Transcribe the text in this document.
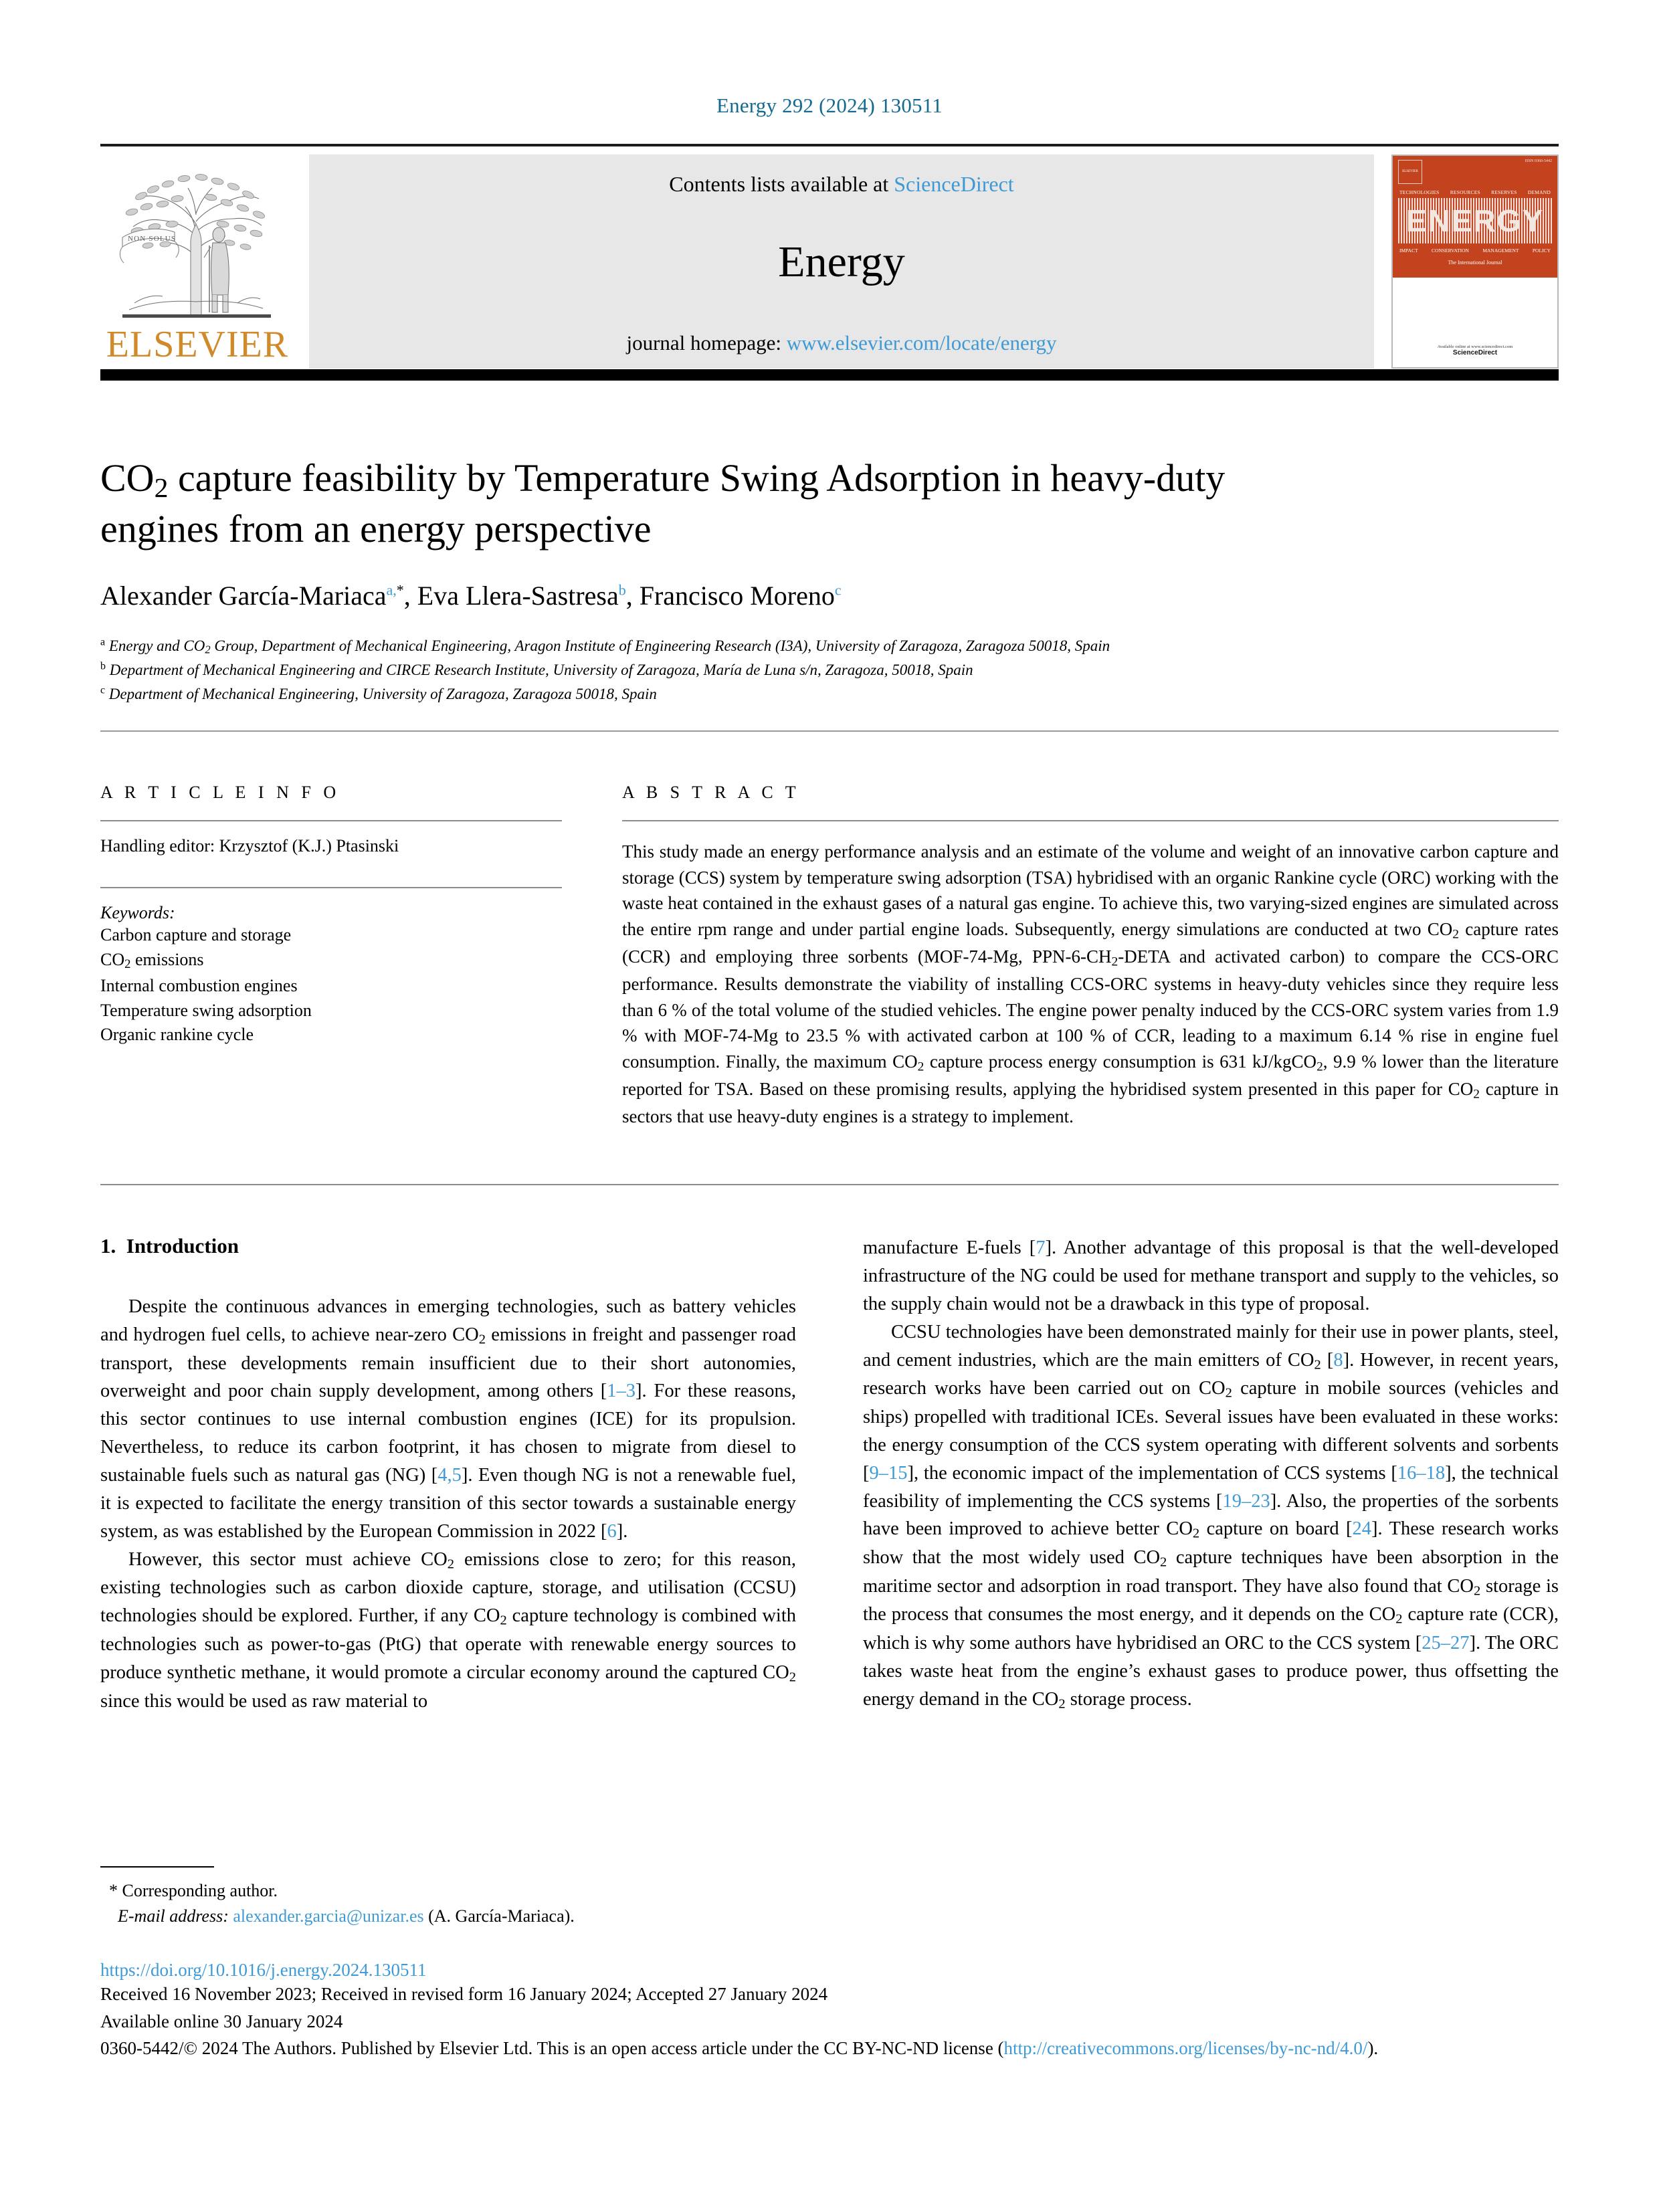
Energy 292 (2024) 130511
NON SOLUS
ELSEVIER
Contents lists available at ScienceDirect
Energy
journal homepage: www.elsevier.com/locate/energy
ISSN 0360-5442
ELSEVIER
TECHNOLOGIES RESOURCES RESERVES DEMAND
ENERGY
IMPACT	CONSERVATION	MANAGEMENT	POLICY
The International Journal
Available online at www.sciencedirect.com
ScienceDirect
$CO_2$ capture feasibility by Temperature Swing Adsorption in heavy-duty
engines from an energy perspective
Alexander García-Mariaca$^{a,*}$, Eva Llera-Sastresa$^b$, Francisco Moreno$^c$
$^a$ Energy and $CO_2$ Group, Department of Mechanical Engineering, Aragon Institute of Engineering Research (I3A), University of Zaragoza, Zaragoza 50018, Spain
$^b$ Department of Mechanical Engineering and CIRCE Research Institute, University of Zaragoza, María de Luna s/n, Zaragoza, 50018, Spain
$^c$ Department of Mechanical Engineering, University of Zaragoza, Zaragoza 50018, Spain
A R T I C L E I N F O
Handling editor: Krzysztof (K.J.) Ptasinski
Keywords:
Carbon capture and storage
$CO_2$ emissions
Internal combustion engines
Temperature swing adsorption
Organic rankine cycle
A B S T R A C T
This study made an energy performance analysis and an estimate of the volume and weight of an innovative carbon capture and storage (CCS) system by temperature swing adsorption (TSA) hybridised with an organic Rankine cycle (ORC) working with the waste heat contained in the exhaust gases of a natural gas engine. To achieve this, two varying-sized engines are simulated across the entire rpm range and under partial engine loads. Subsequently, energy simulations are conducted at two $CO_2$ capture rates (CCR) and employing three sorbents (MOF-74-Mg, PPN-$6-CH_2$-DETA and activated carbon) to compare the CCS-ORC performance. Results demonstrate the viability of installing CCS-ORC systems in heavy-duty vehicles since they require less than 6 % of the total volume of the studied vehicles. The engine power penalty induced by the CCS-ORC system varies from 1.9 % with MOF-74-Mg to 23.5 % with activated carbon at 100 % of CCR, leading to a maximum 6.14 % rise in engine fuel consumption. Finally, the maximum $CO_2$ capture process energy consumption is 631 kJ/kgCO$_2$, 9.9 % lower than the literature reported for TSA. Based on these promising results, applying the hybridised system presented in this paper for $CO_2$ capture in sectors that use heavy-duty engines is a strategy to implement.
1. Introduction

Despite the continuous advances in emerging technologies, such as battery vehicles and hydrogen fuel cells, to achieve near-zero $CO_2$ emissions in freight and passenger road transport, these developments remain insufficient due to their short autonomies, overweight and poor chain supply development, among others [1–3]. For these reasons, this sector continues to use internal combustion engines (ICE) for its propulsion. Nevertheless, to reduce its carbon footprint, it has chosen to migrate from diesel to sustainable fuels such as natural gas (NG) [4,5]. Even though NG is not a renewable fuel, it is expected to facilitate the energy transition of this sector towards a sustainable energy system, as was established by the European Commission in 2022 [6].

However, this sector must achieve $CO_2$ emissions close to zero; for this reason, existing technologies such as carbon dioxide capture, storage, and utilisation (CCSU) technologies should be explored. Further, if any $CO_2$ capture technology is combined with technologies such as power-to-gas (PtG) that operate with renewable energy sources to produce synthetic methane, it would promote a circular economy around the captured $CO_2$ since this would be used as raw material to

manufacture E-fuels [7]. Another advantage of this proposal is that the well-developed infrastructure of the NG could be used for methane transport and supply to the vehicles, so the supply chain would not be a drawback in this type of proposal.

CCSU technologies have been demonstrated mainly for their use in power plants, steel, and cement industries, which are the main emitters of $CO_2$ [8]. However, in recent years, research works have been carried out on $CO_2$ capture in mobile sources (vehicles and ships) propelled with traditional ICEs. Several issues have been evaluated in these works: the energy consumption of the CCS system operating with different solvents and sorbents [9–15], the economic impact of the implementation of CCS systems [16–18], the technical feasibility of implementing the CCS systems [19–23]. Also, the properties of the sorbents have been improved to achieve better $CO_2$ capture on board [24]. These research works show that the most widely used $CO_2$ capture techniques have been absorption in the maritime sector and adsorption in road transport. They have also found that $CO_2$ storage is the process that consumes the most energy, and it depends on the $CO_2$ capture rate (CCR), which is why some authors have hybridised an ORC to the CCS system [25–27]. The ORC takes waste heat from the engine’s exhaust gases to produce power, thus offsetting the energy demand in the $CO_2$ storage process.

* Corresponding author.
E-mail address: alexander.garcia@unizar.es (A. García-Mariaca).
https://doi.org/10.1016/j.energy.2024.130511
Received 16 November 2023; Received in revised form 16 January 2024; Accepted 27 January 2024
Available online 30 January 2024
0360-5442/© 2024 The Authors. Published by Elsevier Ltd. This is an open access article under the CC BY-NC-ND license (http://creativecommons.org/licenses/by-nc-nd/4.0/).
